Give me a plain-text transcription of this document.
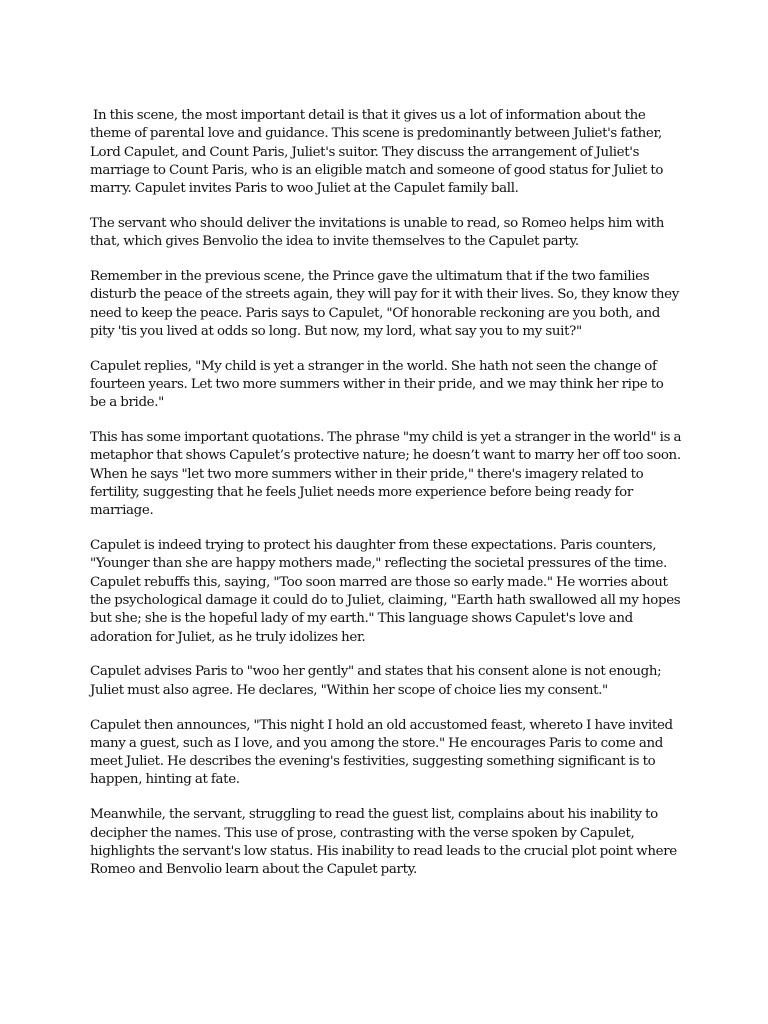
In this scene, the most important detail is that it gives us a lot of information about the theme of parental love and guidance. This scene is predominantly between Juliet's father, Lord Capulet, and Count Paris, Juliet's suitor. They discuss the arrangement of Juliet's marriage to Count Paris, who is an eligible match and someone of good status for Juliet to marry. Capulet invites Paris to woo Juliet at the Capulet family ball.

The servant who should deliver the invitations is unable to read, so Romeo helps him with that, which gives Benvolio the idea to invite themselves to the Capulet party.

Remember in the previous scene, the Prince gave the ultimatum that if the two families disturb the peace of the streets again, they will pay for it with their lives. So, they know they need to keep the peace. Paris says to Capulet, "Of honorable reckoning are you both, and pity 'tis you lived at odds so long. But now, my lord, what say you to my suit?"

Capulet replies, "My child is yet a stranger in the world. She hath not seen the change of fourteen years. Let two more summers wither in their pride, and we may think her ripe to be a bride."

This has some important quotations. The phrase "my child is yet a stranger in the world" is a metaphor that shows Capulet’s protective nature; he doesn’t want to marry her off too soon. When he says "let two more summers wither in their pride," there's imagery related to fertility, suggesting that he feels Juliet needs more experience before being ready for marriage.

Capulet is indeed trying to protect his daughter from these expectations. Paris counters, "Younger than she are happy mothers made," reflecting the societal pressures of the time. Capulet rebuffs this, saying, "Too soon marred are those so early made." He worries about the psychological damage it could do to Juliet, claiming, "Earth hath swallowed all my hopes but she; she is the hopeful lady of my earth." This language shows Capulet's love and adoration for Juliet, as he truly idolizes her.

Capulet advises Paris to "woo her gently" and states that his consent alone is not enough; Juliet must also agree. He declares, "Within her scope of choice lies my consent."

Capulet then announces, "This night I hold an old accustomed feast, whereto I have invited many a guest, such as I love, and you among the store." He encourages Paris to come and meet Juliet. He describes the evening's festivities, suggesting something significant is to happen, hinting at fate.

Meanwhile, the servant, struggling to read the guest list, complains about his inability to decipher the names. This use of prose, contrasting with the verse spoken by Capulet, highlights the servant's low status. His inability to read leads to the crucial plot point where Romeo and Benvolio learn about the Capulet party.
